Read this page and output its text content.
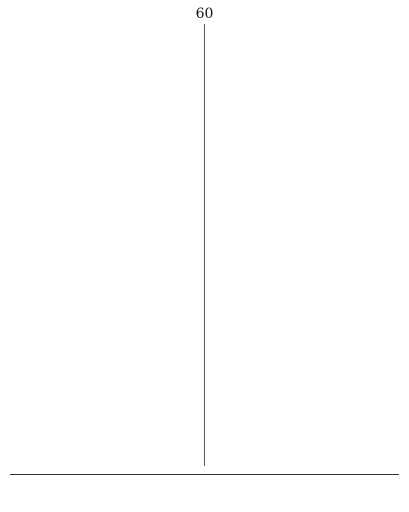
60
